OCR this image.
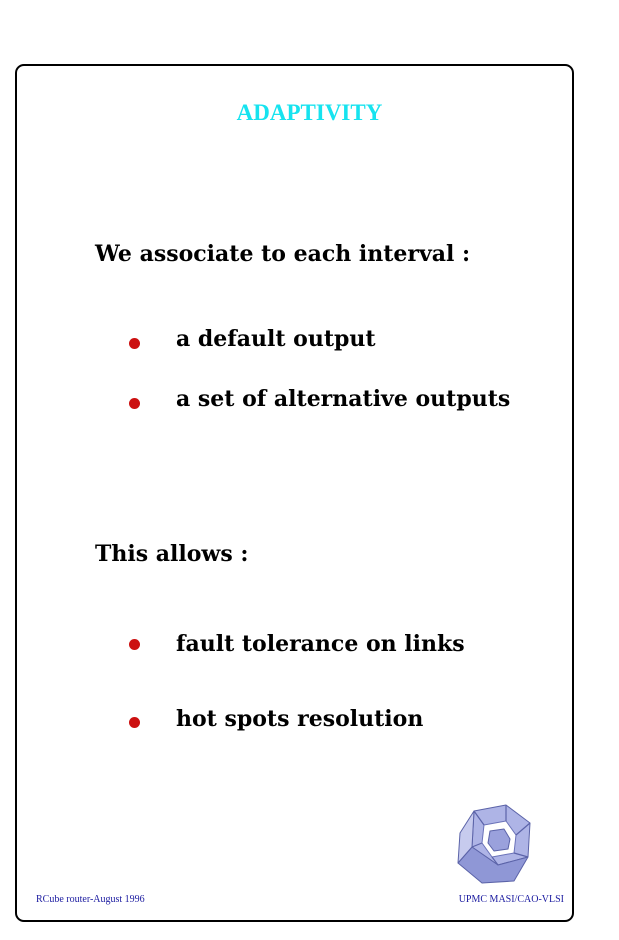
ADAPTIVITY
We associate to each interval :
a default output
a set of alternative outputs
This allows :
fault tolerance on links
hot spots resolution
RCube router-August 1996	UPMC MASI/CAO-VLSI
